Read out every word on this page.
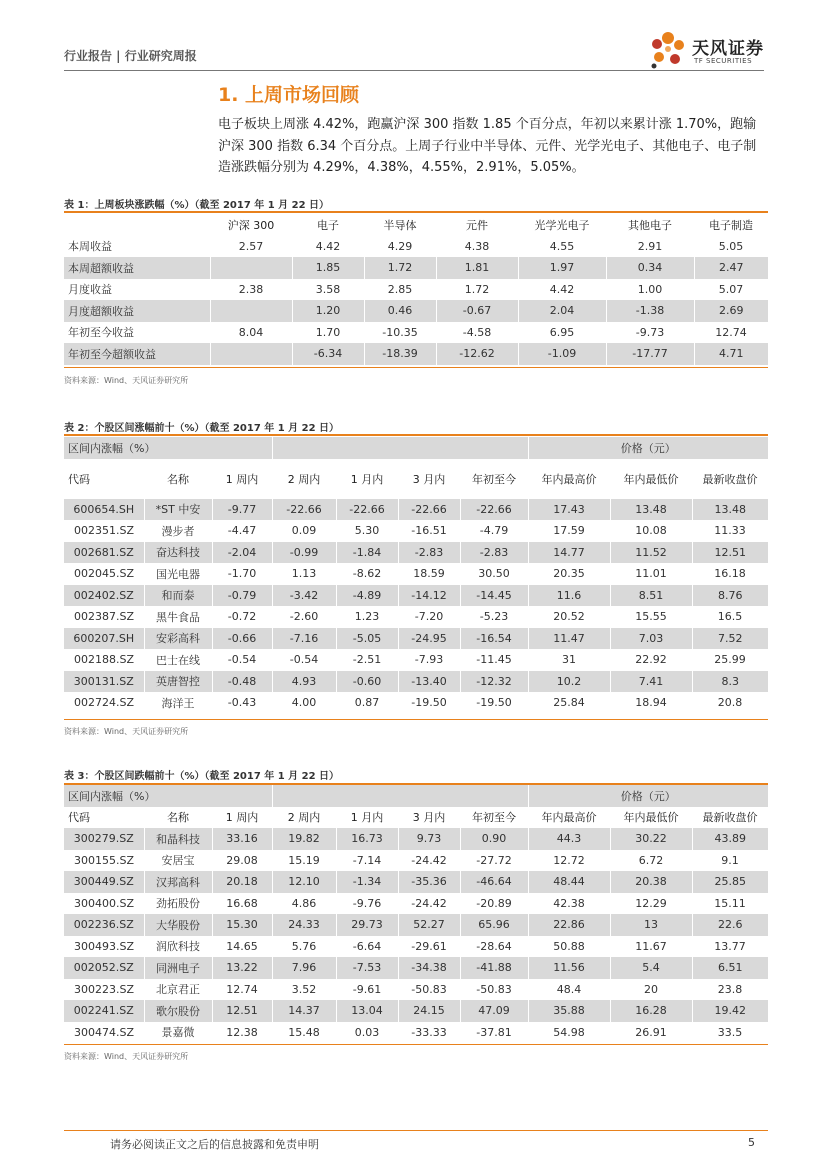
行业报告 | 行业研究周报	天风证券
TF SECURITIES
1. 上周市场回顾
电子板块上周涨 4.42%，跑赢沪深 300 指数 1.85 个百分点，年初以来累计涨 1.70%，跑输沪深 300 指数 6.34 个百分点。上周子行业中半导体、元件、光学光电子、其他电子、电子制造涨跌幅分别为 4.29%，4.38%，4.55%，2.91%，5.05%。
表 1：上周板块涨跌幅（%）（截至 2017 年 1 月 22 日）
	沪深 300	电子	半导体	元件	光学光电子	其他电子	电子制造
本周收益	2.57	4.42	4.29	4.38	4.55	2.91	5.05
本周超额收益		1.85	1.72	1.81	1.97	0.34	2.47
月度收益	2.38	3.58	2.85	1.72	4.42	1.00	5.07
月度超额收益		1.20	0.46	-0.67	2.04	-1.38	2.69
年初至今收益	8.04	1.70	-10.35	-4.58	6.95	-9.73	12.74
年初至今超额收益		-6.34	-18.39	-12.62	-1.09	-17.77	4.71
资料来源：Wind、天风证券研究所
表 2：个股区间涨幅前十（%）（截至 2017 年 1 月 22 日）
区间内涨幅（%）							价格（元）		
代码	名称	1 周内	2 周内	1 月内	3 月内	年初至今	年内最高价	年内最低价	最新收盘价
600654.SH	*ST 中安	-9.77	-22.66	-22.66	-22.66	-22.66	17.43	13.48	13.48
002351.SZ	漫步者	-4.47	0.09	5.30	-16.51	-4.79	17.59	10.08	11.33
002681.SZ	奋达科技	-2.04	-0.99	-1.84	-2.83	-2.83	14.77	11.52	12.51
002045.SZ	国光电器	-1.70	1.13	-8.62	18.59	30.50	20.35	11.01	16.18
002402.SZ	和而泰	-0.79	-3.42	-4.89	-14.12	-14.45	11.6	8.51	8.76
002387.SZ	黑牛食品	-0.72	-2.60	1.23	-7.20	-5.23	20.52	15.55	16.5
600207.SH	安彩高科	-0.66	-7.16	-5.05	-24.95	-16.54	11.47	7.03	7.52
002188.SZ	巴士在线	-0.54	-0.54	-2.51	-7.93	-11.45	31	22.92	25.99
300131.SZ	英唐智控	-0.48	4.93	-0.60	-13.40	-12.32	10.2	7.41	8.3
002724.SZ	海洋王	-0.43	4.00	0.87	-19.50	-19.50	25.84	18.94	20.8
资料来源：Wind、天风证券研究所
表 3：个股区间跌幅前十（%）（截至 2017 年 1 月 22 日）
区间内涨幅（%）							价格（元）		
代码	名称	1 周内	2 周内	1 月内	3 月内	年初至今	年内最高价	年内最低价	最新收盘价
300279.SZ	和晶科技	33.16	19.82	16.73	9.73	0.90	44.3	30.22	43.89
300155.SZ	安居宝	29.08	15.19	-7.14	-24.42	-27.72	12.72	6.72	9.1
300449.SZ	汉邦高科	20.18	12.10	-1.34	-35.36	-46.64	48.44	20.38	25.85
300400.SZ	劲拓股份	16.68	4.86	-9.76	-24.42	-20.89	42.38	12.29	15.11
002236.SZ	大华股份	15.30	24.33	29.73	52.27	65.96	22.86	13	22.6
300493.SZ	润欣科技	14.65	5.76	-6.64	-29.61	-28.64	50.88	11.67	13.77
002052.SZ	同洲电子	13.22	7.96	-7.53	-34.38	-41.88	11.56	5.4	6.51
300223.SZ	北京君正	12.74	3.52	-9.61	-50.83	-50.83	48.4	20	23.8
002241.SZ	歌尔股份	12.51	14.37	13.04	24.15	47.09	35.88	16.28	19.42
300474.SZ	景嘉微	12.38	15.48	0.03	-33.33	-37.81	54.98	26.91	33.5
资料来源：Wind、天风证券研究所
请务必阅读正文之后的信息披露和免责申明	5
